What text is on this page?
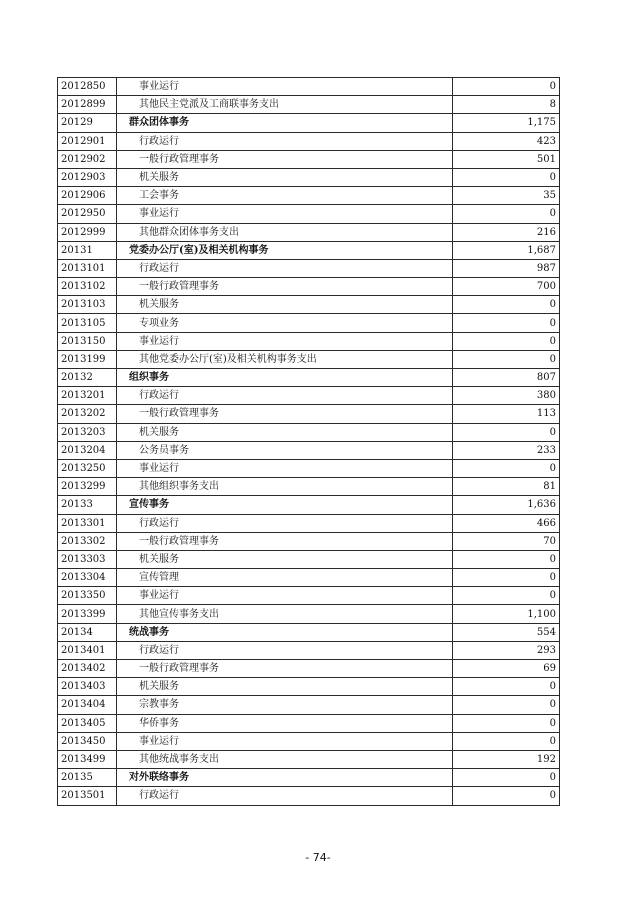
2012850	事业运行	0
2012899	其他民主党派及工商联事务支出	8
20129	群众团体事务	1,175
2012901	行政运行	423
2012902	一般行政管理事务	501
2012903	机关服务	0
2012906	工会事务	35
2012950	事业运行	0
2012999	其他群众团体事务支出	216
20131	党委办公厅(室)及相关机构事务	1,687
2013101	行政运行	987
2013102	一般行政管理事务	700
2013103	机关服务	0
2013105	专项业务	0
2013150	事业运行	0
2013199	其他党委办公厅(室)及相关机构事务支出	0
20132	组织事务	807
2013201	行政运行	380
2013202	一般行政管理事务	113
2013203	机关服务	0
2013204	公务员事务	233
2013250	事业运行	0
2013299	其他组织事务支出	81
20133	宣传事务	1,636
2013301	行政运行	466
2013302	一般行政管理事务	70
2013303	机关服务	0
2013304	宣传管理	0
2013350	事业运行	0
2013399	其他宣传事务支出	1,100
20134	统战事务	554
2013401	行政运行	293
2013402	一般行政管理事务	69
2013403	机关服务	0
2013404	宗教事务	0
2013405	华侨事务	0
2013450	事业运行	0
2013499	其他统战事务支出	192
20135	对外联络事务	0
2013501	行政运行	0
- 74-
